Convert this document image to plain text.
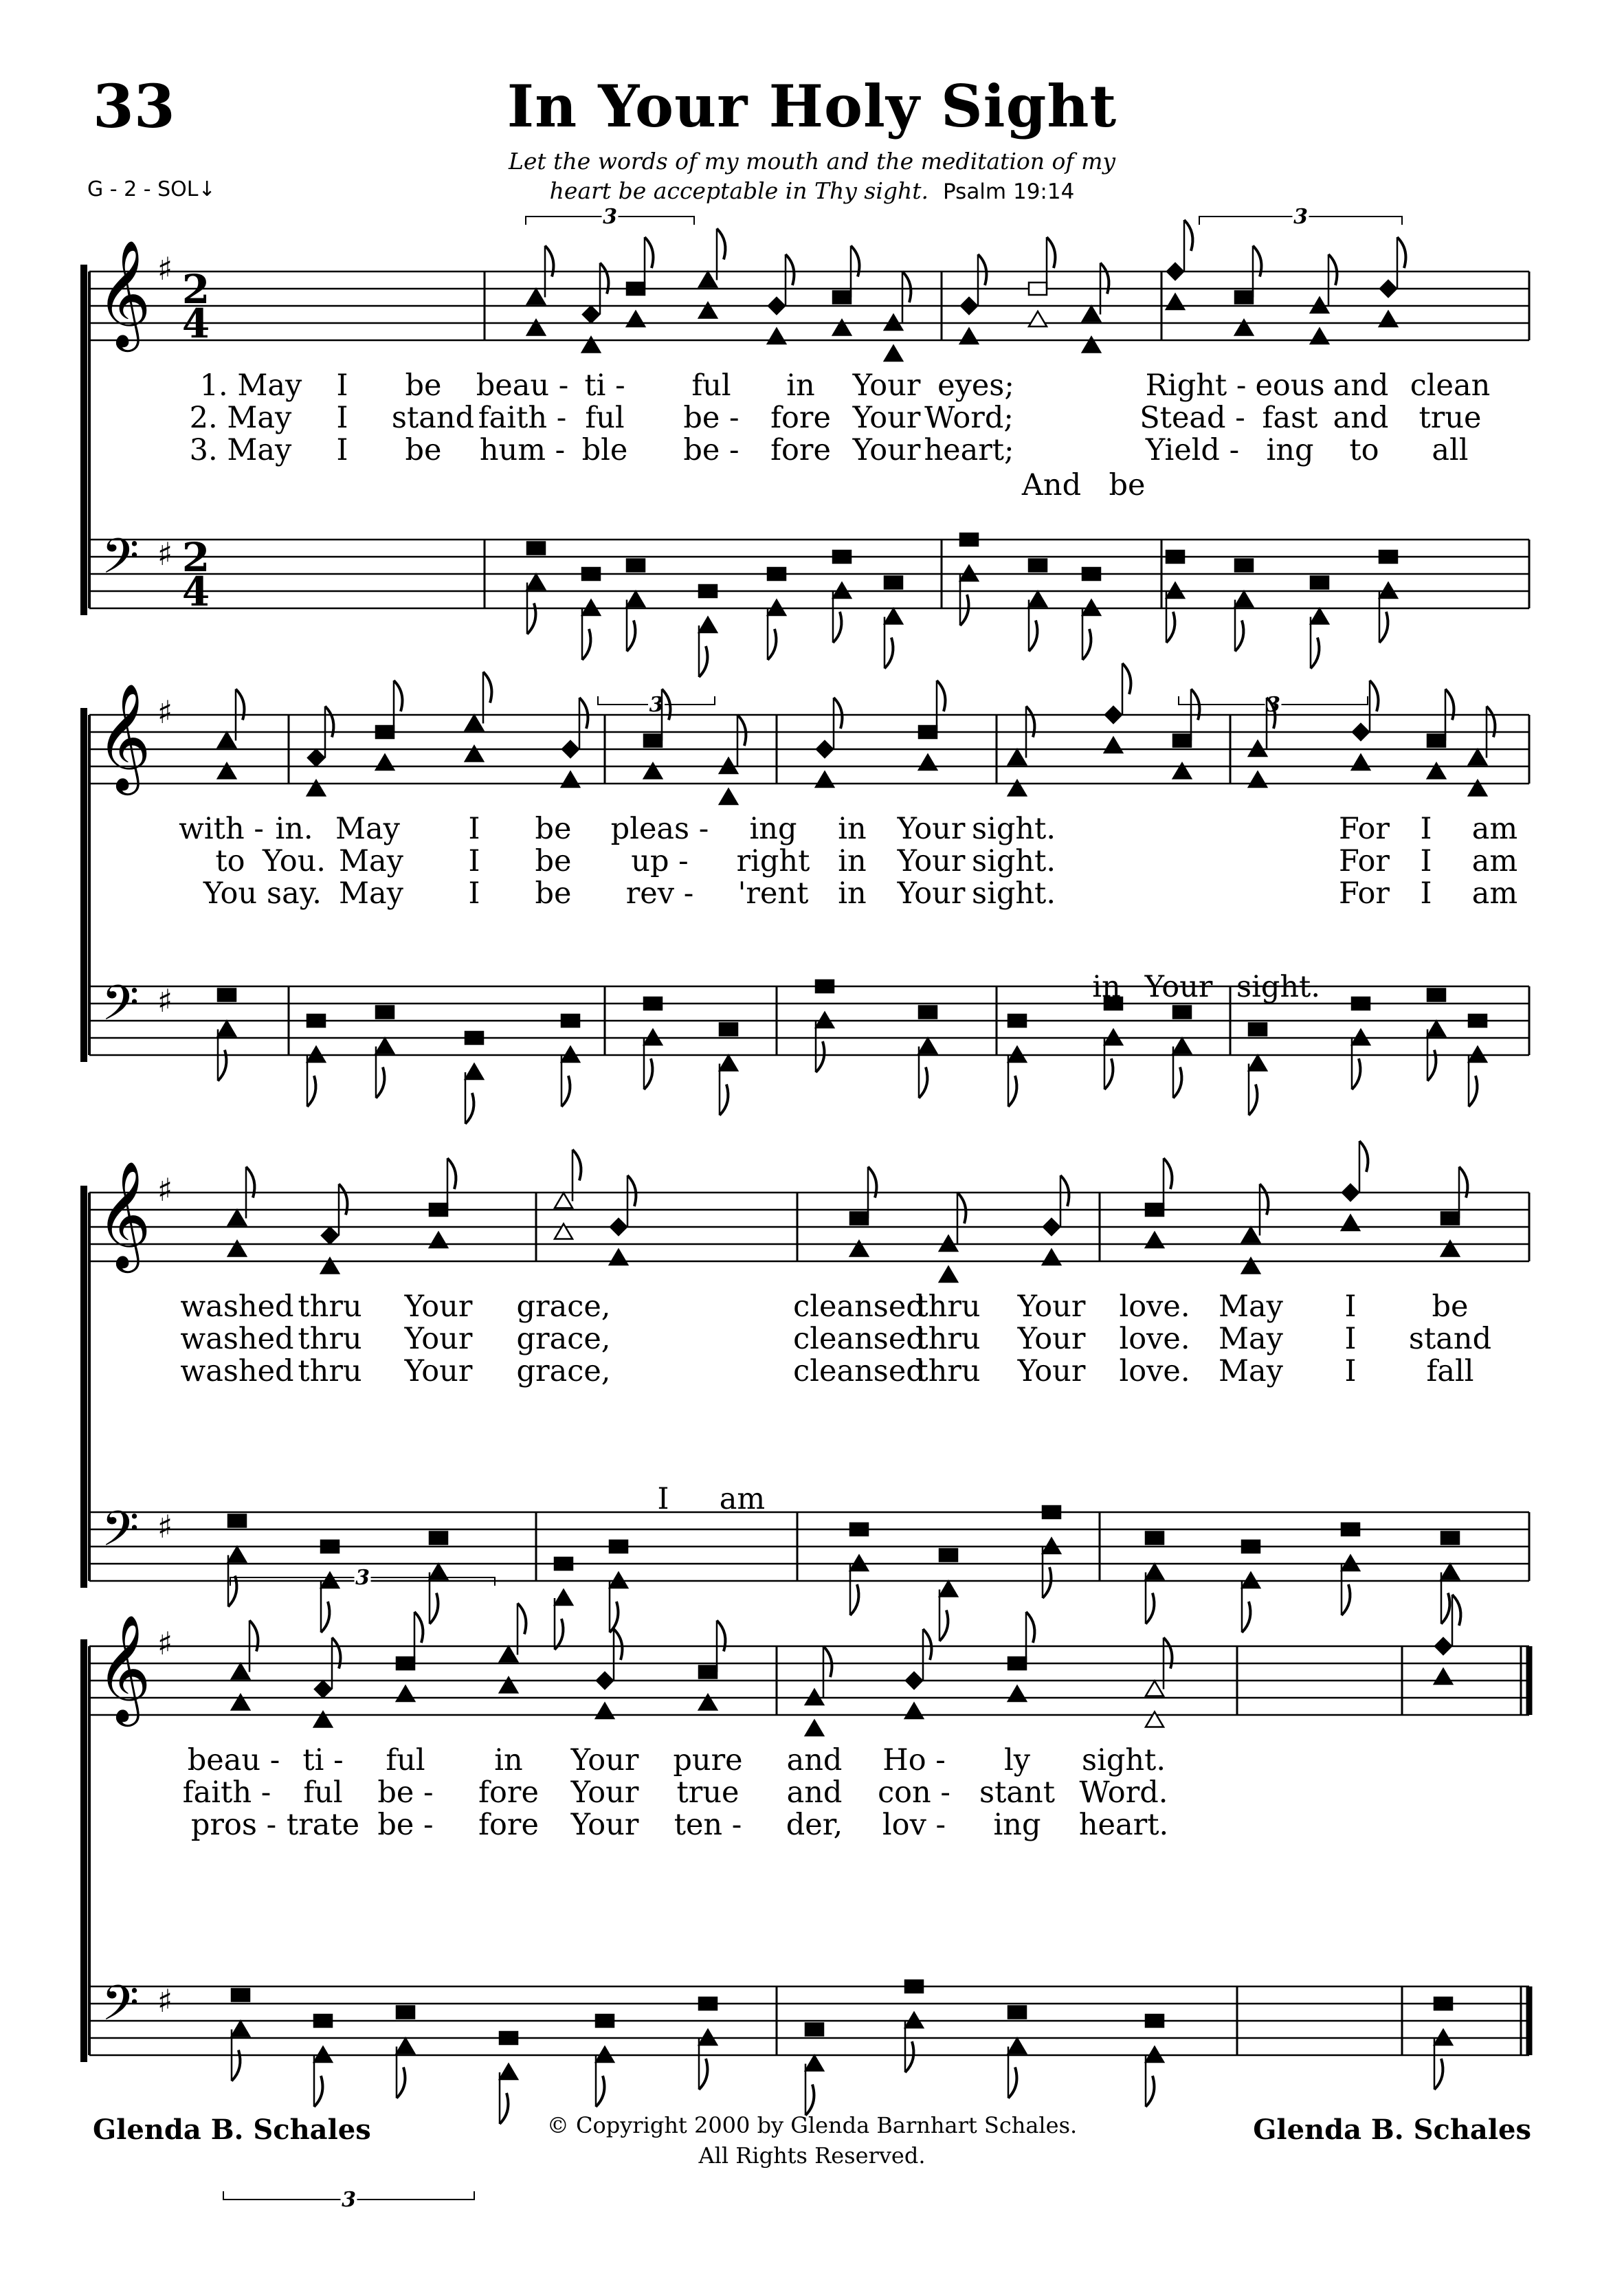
33	In Your Holy Sight
Let the words of my mouth and the meditation of my
heart be acceptable in Thy sight. Psalm 19:14
G - 2 - SOL↓
𝄞
𝄢
♯
♯
2
4
2
4
3	3
3	3
1. May I be beau - ti - ful in Your eyes;	Right - eous and clean
2. May I stand faith - ful be - fore Your Word;	Stead - fast and true
3. May I be hum - ble be - fore Your heart;	Yield - ing to all
And be
𝄞
𝄢
♯
♯
with - in. May I be pleas - ing in Your sight.	For I am
to You. May I be up - right in Your sight.	For I am
You say. May I be rev - 'rent in Your sight.	For I am
in Your sight.
𝄞
𝄢
♯
♯
washed thru Your grace,	cleansed
thru Your love. May I	be
washed thru Your grace,	cleansed
thru Your love. May I stand
washed thru Your grace,	cleansed
thru Your love. May I fall
I am
𝄞
𝄢
♯
♯
3
3
beau - ti - ful in Your pure and Ho - ly sight.
faith - ful be - fore Your true and con - stant Word.
pros - trate be - fore Your ten - der, lov - ing heart.
Glenda B. Schales	© Copyright 2000 by Glenda Barnhart Schales.
All Rights Reserved.
Glenda B. Schales
